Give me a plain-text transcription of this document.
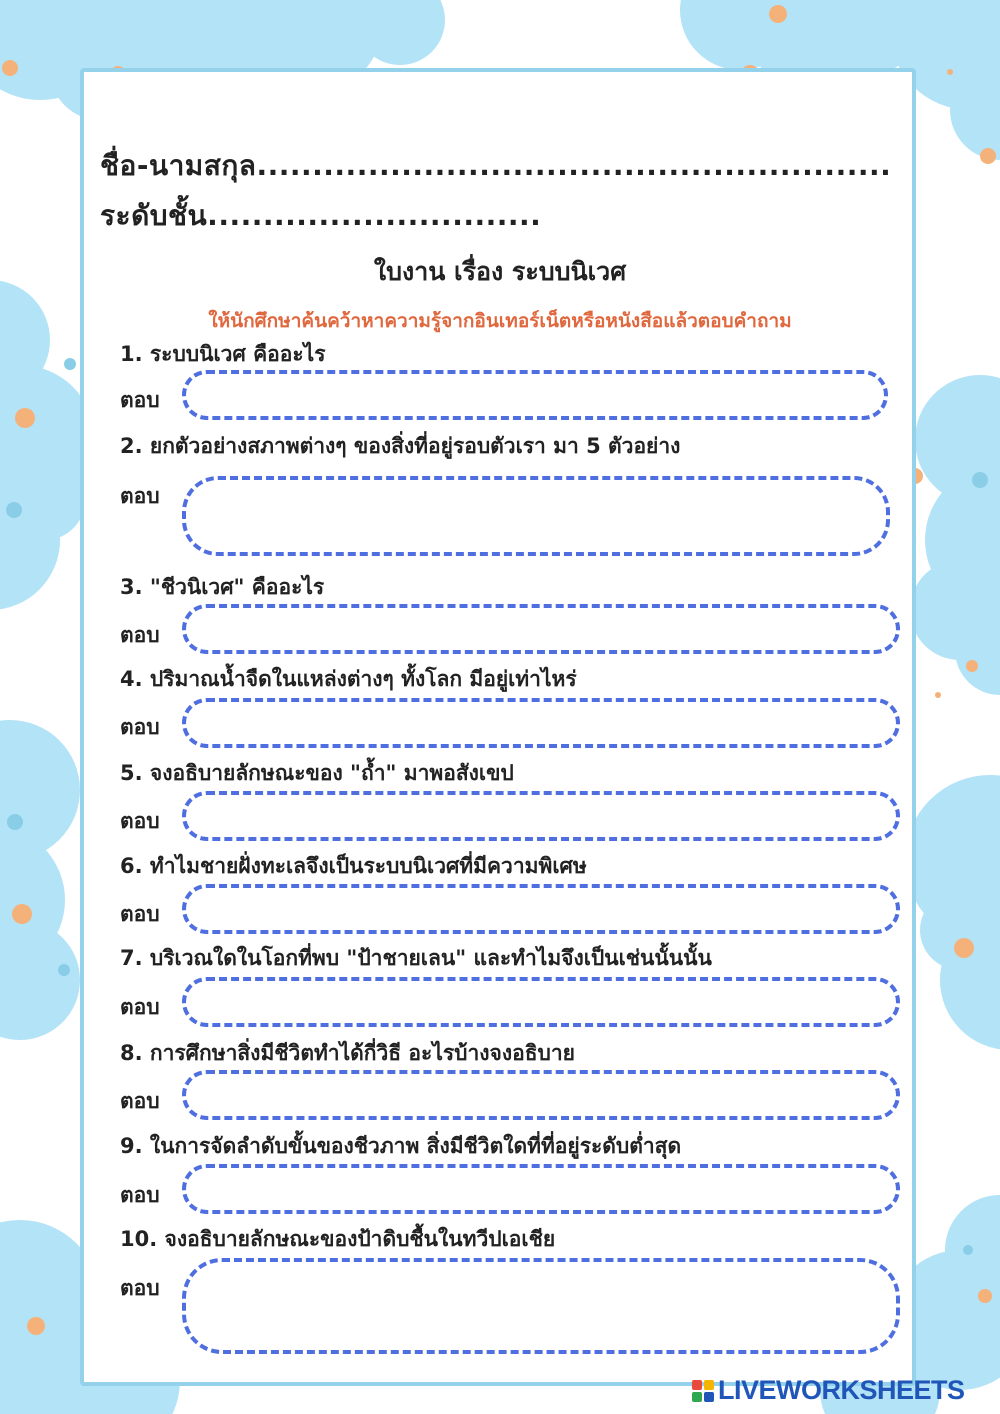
ชื่อ-นามสกุล.........................................................
ระดับชั้น..............................
ใบงาน เรื่อง ระบบนิเวศ
ให้นักศึกษาค้นคว้าหาความรู้จากอินเทอร์เน็ตหรือหนังสือแล้วตอบคำถาม
1. ระบบนิเวศ คืออะไร
ตอบ
2. ยกตัวอย่างสภาพต่างๆ ของสิ่งที่อยู่รอบตัวเรา มา 5 ตัวอย่าง
ตอบ
3. "ชีวนิเวศ" คืออะไร
ตอบ
4. ปริมาณน้ำจืดในแหล่งต่างๆ ทั้งโลก มีอยู่เท่าไหร่
ตอบ
5. จงอธิบายลักษณะของ "ถ้ำ" มาพอสังเขป
ตอบ
6. ทำไมชายฝั่งทะเลจึงเป็นระบบนิเวศที่มีความพิเศษ
ตอบ
7. บริเวณใดในโอกที่พบ "ป้าชายเลน" และทำไมจึงเป็นเช่นนั้นนั้น
ตอบ
8. การศึกษาสิ่งมีชีวิตทำได้กี่วิธี อะไรบ้างจงอธิบาย
ตอบ
9. ในการจัดลำดับขั้นของชีวภาพ สิ่งมีชีวิตใดที่ที่อยู่ระดับต่ำสุด
ตอบ
10. จงอธิบายลักษณะของป้าดิบชื้นในทวีปเอเชีย
ตอบ
LIVEWORKSHEETS
